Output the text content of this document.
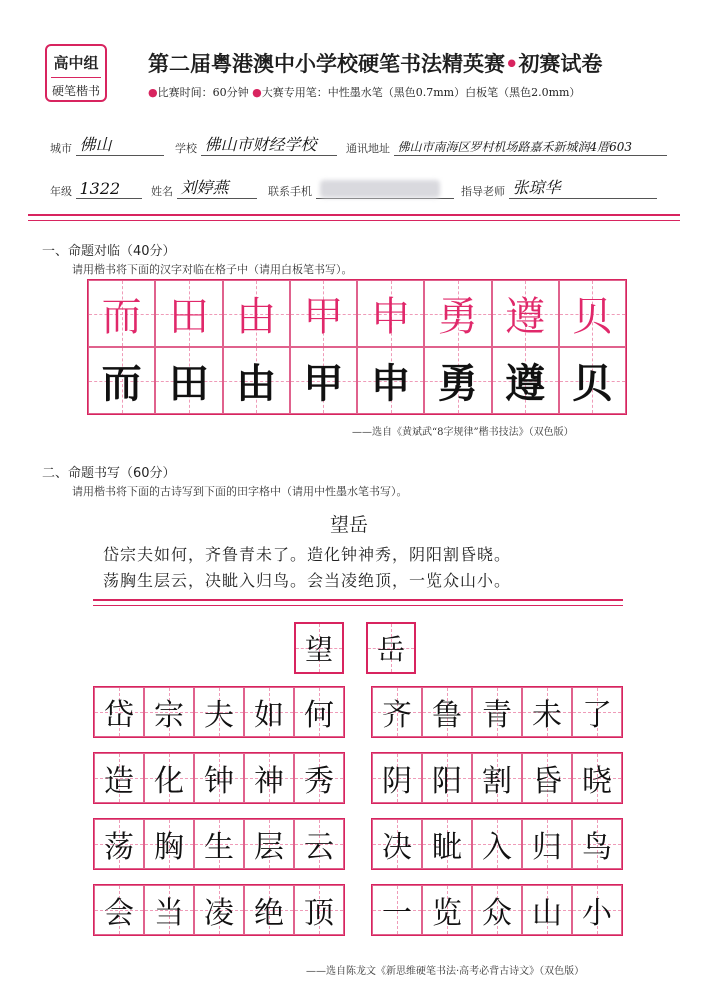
高中组
硬笔楷书
第二届粤港澳中小学校硬笔书法精英赛•初赛试卷
●比赛时间：60分钟 ●大赛专用笔：中性墨水笔（黑色0.7mm）白板笔（黑色2.0mm）
城市 佛山	学校 佛山市财经学校	通讯地址 佛山市南海区罗村机场路嘉禾新城润4厝603
年级 1322	姓名 刘婷燕	联系手机	指导老师 张琼华
一、命题对临（40分）
请用楷书将下面的汉字对临在格子中（请用白板笔书写）。
而 田 由 甲 申 勇 遵 贝
而 田 由 甲 申 勇 遵 贝
——选自《黄斌武“8字规律”楷书技法》（双色版）
二、命题书写（60分）
请用楷书将下面的古诗写到下面的田字格中（请用中性墨水笔书写）。
望岳
岱宗夫如何，齐鲁青未了。造化钟神秀，阴阳割昏晓。
荡胸生层云，决眦入归鸟。会当凌绝顶，一览众山小。
望 岳
岱 宗 夫 如 何 齐 鲁 青 未 了
造 化 钟 神 秀 阴 阳 割 昏 晓
荡 胸 生 层 云 决 眦 入 归 鸟
会 当 凌 绝 顶 一 览 众 山 小
——选自陈龙文《新思维硬笔书法·高考必背古诗文》（双色版）
